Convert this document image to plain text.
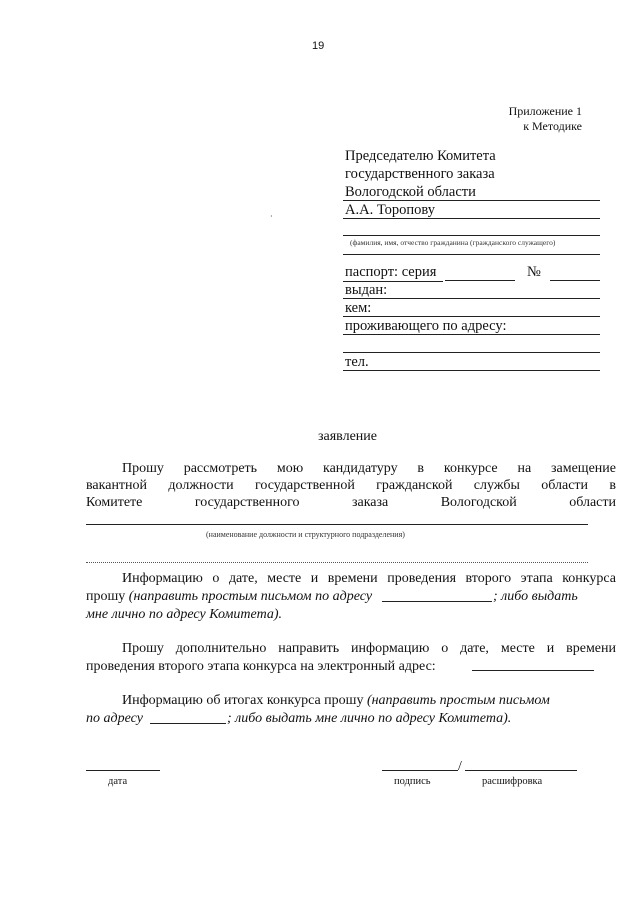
19
Приложение 1
к Методике
Председателю Комитета
государственного заказа
Вологодской области
А.А. Торопову
·
(фамилия, имя, отчество гражданина (гражданского служащего)
паспорт: серия	№
выдан:
кем:
проживающего по адресу:
тел.
заявление
Прошу рассмотреть мою кандидатуру в конкурсе на замещение
вакантной должности государственной гражданской службы области в
Комитете государственного заказа Вологодской области
(наименование должности и структурного подразделения)
Информацию о дате, месте и времени проведения второго этапа конкурса
прошу (направить простым письмом по адресу	; либо выдать
мне лично по адресу Комитета).
Прошу дополнительно направить информацию о дате, месте и времени
проведения второго этапа конкурса на электронный адрес:
Информацию об итогах конкурса прошу (направить простым письмом
по адресу	; либо выдать мне лично по адресу Комитета).
дата
/
подпись	расшифровка
